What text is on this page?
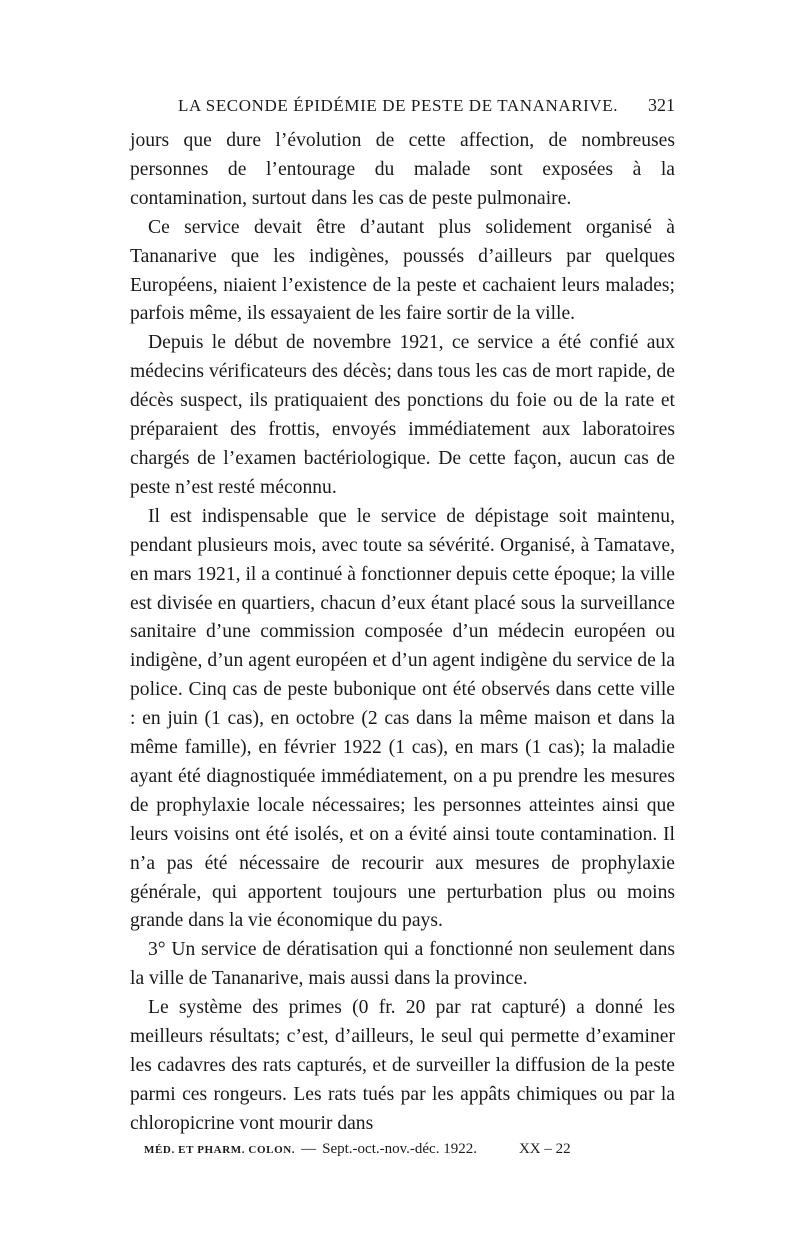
LA SECONDE ÉPIDÉMIE DE PESTE DE TANANARIVE. 321

jours que dure l’évolution de cette affection, de nombreuses personnes de l’entourage du malade sont exposées à la contamination, surtout dans les cas de peste pulmonaire.

Ce service devait être d’autant plus solidement organisé à Tananarive que les indigènes, poussés d’ailleurs par quelques Européens, niaient l’existence de la peste et cachaient leurs malades; parfois même, ils essayaient de les faire sortir de la ville.

Depuis le début de novembre 1921, ce service a été confié aux médecins vérificateurs des décès; dans tous les cas de mort rapide, de décès suspect, ils pratiquaient des ponctions du foie ou de la rate et préparaient des frottis, envoyés immédiatement aux laboratoires chargés de l’examen bactériologique. De cette façon, aucun cas de peste n’est resté méconnu.

Il est indispensable que le service de dépistage soit maintenu, pendant plusieurs mois, avec toute sa sévérité. Organisé, à Tamatave, en mars 1921, il a continué à fonctionner depuis cette époque; la ville est divisée en quartiers, chacun d’eux étant placé sous la surveillance sanitaire d’une commission composée d’un médecin européen ou indigène, d’un agent européen et d’un agent indigène du service de la police. Cinq cas de peste bubonique ont été observés dans cette ville : en juin (1 cas), en octobre (2 cas dans la même maison et dans la même famille), en février 1922 (1 cas), en mars (1 cas); la maladie ayant été diagnostiquée immédiatement, on a pu prendre les mesures de prophylaxie locale nécessaires; les personnes atteintes ainsi que leurs voisins ont été isolés, et on a évité ainsi toute contamination. Il n’a pas été nécessaire de recourir aux mesures de prophylaxie générale, qui apportent toujours une perturbation plus ou moins grande dans la vie économique du pays.

3° Un service de dératisation qui a fonctionné non seulement dans la ville de Tananarive, mais aussi dans la province.

Le système des primes (0 fr. 20 par rat capturé) a donné les meilleurs résultats; c’est, d’ailleurs, le seul qui permette d’examiner les cadavres des rats capturés, et de surveiller la diffusion de la peste parmi ces rongeurs. Les rats tués par les appâts chimiques ou par la chloropicrine vont mourir dans

MÉD. ET PHARM. COLON. — Sept.-oct.-nov.-déc. 1922.	XX – 22
